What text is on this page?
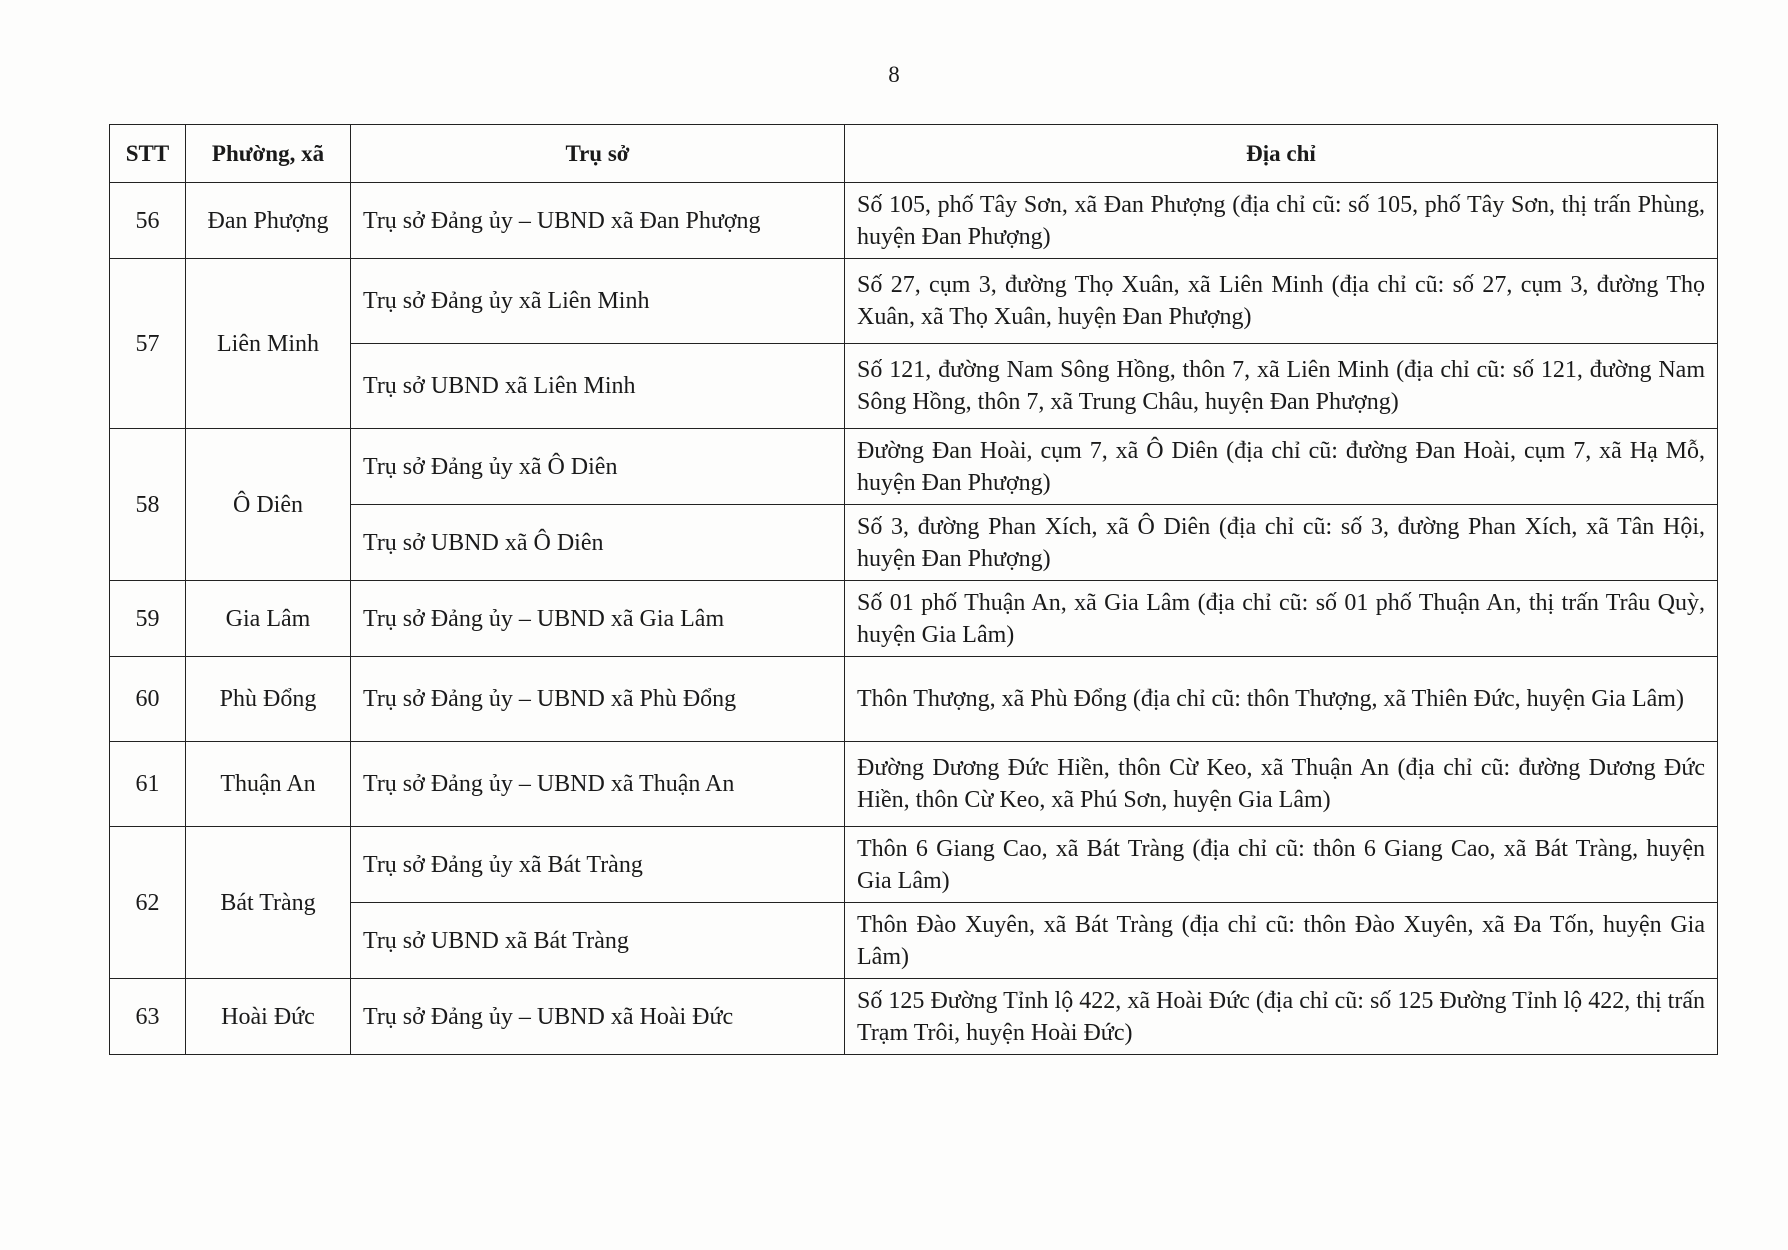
8
STT	Phường, xã	Trụ sở	Địa chỉ
56	Đan Phượng	Trụ sở Đảng ủy – UBND xã Đan Phượng	Số 105, phố Tây Sơn, xã Đan Phượng (địa chỉ cũ: số 105, phố Tây Sơn, thị trấn Phùng, huyện Đan Phượng)
57	Liên Minh	Trụ sở Đảng ủy xã Liên Minh	Số 27, cụm 3, đường Thọ Xuân, xã Liên Minh (địa chỉ cũ: số 27, cụm 3, đường Thọ Xuân, xã Thọ Xuân, huyện Đan Phượng)
		Trụ sở UBND xã Liên Minh	Số 121, đường Nam Sông Hồng, thôn 7, xã Liên Minh (địa chỉ cũ: số 121, đường Nam Sông Hồng, thôn 7, xã Trung Châu, huyện Đan Phượng)
58	Ô Diên	Trụ sở Đảng ủy xã Ô Diên	Đường Đan Hoài, cụm 7, xã Ô Diên (địa chỉ cũ: đường Đan Hoài, cụm 7, xã Hạ Mỗ, huyện Đan Phượng)
		Trụ sở UBND xã Ô Diên	Số 3, đường Phan Xích, xã Ô Diên (địa chỉ cũ: số 3, đường Phan Xích, xã Tân Hội, huyện Đan Phượng)
59	Gia Lâm	Trụ sở Đảng ủy – UBND xã Gia Lâm	Số 01 phố Thuận An, xã Gia Lâm (địa chỉ cũ: số 01 phố Thuận An, thị trấn Trâu Quỳ, huyện Gia Lâm)
60	Phù Đổng	Trụ sở Đảng ủy – UBND xã Phù Đổng	Thôn Thượng, xã Phù Đổng (địa chỉ cũ: thôn Thượng, xã Thiên Đức, huyện Gia Lâm)
61	Thuận An	Trụ sở Đảng ủy – UBND xã Thuận An	Đường Dương Đức Hiền, thôn Cừ Keo, xã Thuận An (địa chỉ cũ: đường Dương Đức Hiền, thôn Cừ Keo, xã Phú Sơn, huyện Gia Lâm)
62	Bát Tràng	Trụ sở Đảng ủy xã Bát Tràng	Thôn 6 Giang Cao, xã Bát Tràng (địa chỉ cũ: thôn 6 Giang Cao, xã Bát Tràng, huyện Gia Lâm)
		Trụ sở UBND xã Bát Tràng	Thôn Đào Xuyên, xã Bát Tràng (địa chỉ cũ: thôn Đào Xuyên, xã Đa Tốn, huyện Gia Lâm)
63	Hoài Đức	Trụ sở Đảng ủy – UBND xã Hoài Đức	Số 125 Đường Tỉnh lộ 422, xã Hoài Đức (địa chỉ cũ: số 125 Đường Tỉnh lộ 422, thị trấn Trạm Trôi, huyện Hoài Đức)
